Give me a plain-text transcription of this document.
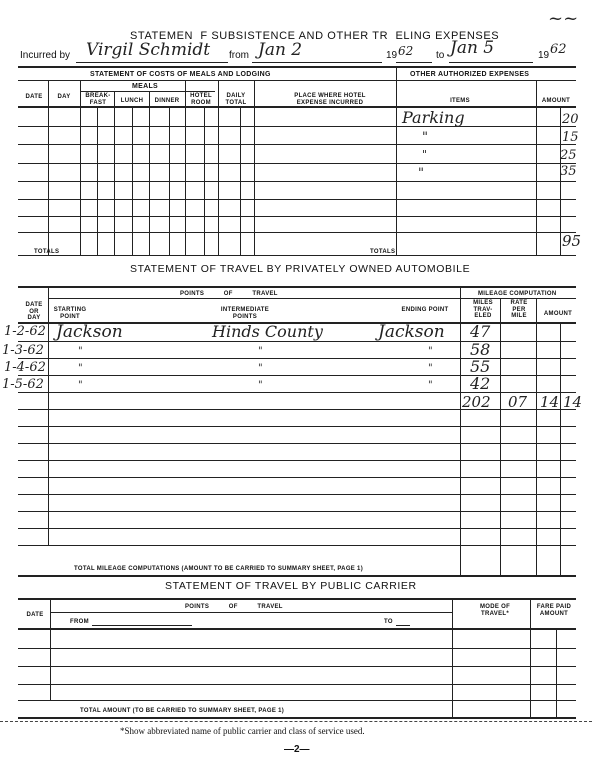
STATEMEN  F SUBSISTENCE AND OTHER TR  ELING EXPENSES
~~
Incurred by Virgil Schmidt from Jan 2	19 62 to Jan 5	19 62
STATEMENT OF COSTS OF MEALS AND LODGING	OTHER AUTHORIZED EXPENSES
MEALS
DATE	DAY	BREAK-FAST	LUNCH	DINNER
HOTEL ROOM
DAILY TOTAL
PLACE WHERE HOTEL EXPENSE INCURRED	ITEMS	AMOUNT
TOTALS	TOTALS
Parking	20
"	15
"	25
"	35
95
STATEMENT OF TRAVEL BY PRIVATELY OWNED AUTOMOBILE
POINTS          OF          TRAVEL	MILEAGE COMPUTATION
DATE OR DAY
STARTING POINT
INTERMEDIATE POINTS
ENDING POINT
MILES TRAV-ELED
RATE PER MILE	AMOUNT
1-2-62 Jackson	Hinds County	Jackson 47
1-3-62	"	"	" 58
1-4-62	"	"	" 55
1-5-62	"	"	" 42
202 07 14 14
TOTAL MILEAGE COMPUTATIONS (AMOUNT TO BE CARRIED TO SUMMARY SHEET, PAGE 1)
STATEMENT OF TRAVEL BY PUBLIC CARRIER
POINTS          OF          TRAVEL
DATE
FROM	TO
MODE OF TRAVEL*
FARE PAID AMOUNT
TOTAL AMOUNT (TO BE CARRIED TO SUMMARY SHEET, PAGE 1)
*Show abbreviated name of public carrier and class of service used.
—2—
